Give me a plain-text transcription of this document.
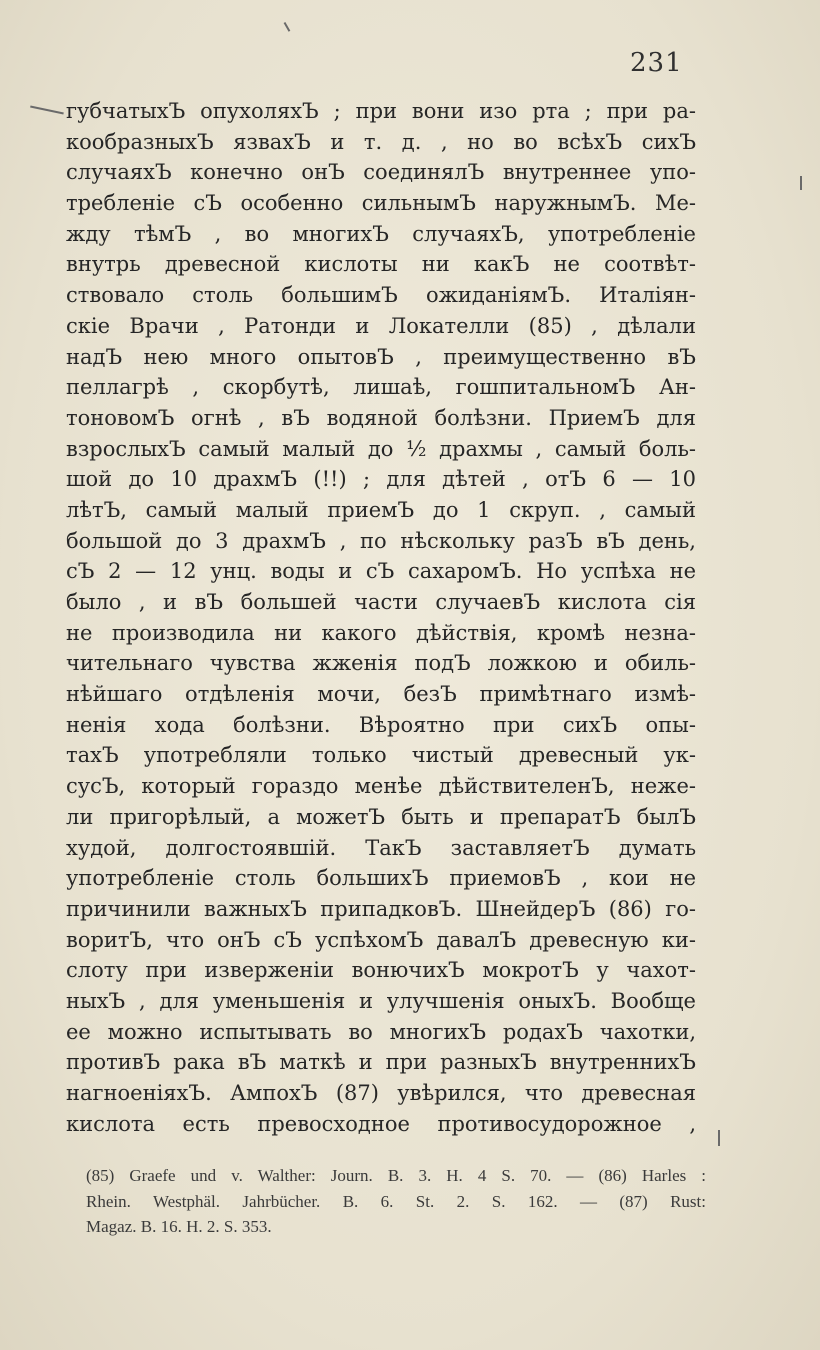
231
губчатыхЪ опухоляхЪ ; при вони изо рта ; при ра-
кообразныхЪ язвахЪ и т. д. , но во всѣхЪ сихЪ
случаяхЪ конечно онЪ соединялЪ внутреннее упо-
требленіе сЪ особенно сильнымЪ наружнымЪ. Ме-
жду тѣмЪ , во многихЪ случаяхЪ, употребленіе
внутрь древесной кислоты ни какЪ не соотвѣт-
ствовало столь большимЪ ожиданіямЪ. Италіян-
скіе Врачи , Ратонди и Локателли (85) , дѣлали
надЪ нею много опытовЪ , преимущественно вЪ
пеллагрѣ , скорбутѣ, лишаѣ, гошпитальномЪ Ан-
тоновомЪ огнѣ , вЪ водяной болѣзни. ПриемЪ для
взрослыхЪ самый малый до ½ драхмы , самый боль-
шой до 10 драхмЪ (!!) ; для дѣтей , отЪ 6 — 10
лѣтЪ, самый малый приемЪ до 1 скруп. , самый
большой до 3 драхмЪ , по нѣскольку разЪ вЪ день,
сЪ 2 — 12 унц. воды и сЪ сахаромЪ. Но успѣха не
было , и вЪ большей части случаевЪ кислота сія
не производила ни какого дѣйствія, кромѣ незна-
чительнаго чувства жженія подЪ ложкою и обиль-
нѣйшаго отдѣленія мочи, безЪ примѣтнаго измѣ-
ненія хода болѣзни. Вѣроятно при сихЪ опы-
тахЪ употребляли только чистый древесный ук-
сусЪ, который гораздо менѣе дѣйствителенЪ, неже-
ли пригорѣлый, а можетЪ быть и препаратЪ былЪ
худой, долгостоявшій. ТакЪ заставляетЪ думать
употребленіе столь большихЪ приемовЪ , кои не
причинили важныхЪ припадковЪ. ШнейдерЪ (86) го-
воритЪ, что онЪ сЪ успѣхомЪ давалЪ древесную ки-
слоту при изверженіи вонючихЪ мокротЪ у чахот-
ныхЪ , для уменьшенія и улучшенія оныхЪ. Вообще
ее можно испытывать во многихЪ родахЪ чахотки,
противЪ рака вЪ маткѣ и при разныхЪ внутреннихЪ
нагноеніяхЪ. АмпохЪ (87) увѣрился, что древесная
кислота есть превосходное противосудорожное ,
(85) Graefe und v. Walther: Journ. B. 3. H. 4 S. 70. — (86) Harles :
Rhein. Westphäl. Jahrbücher. B. 6. St. 2. S. 162. — (87) Rust:
Magaz. B. 16. H. 2. S. 353.
